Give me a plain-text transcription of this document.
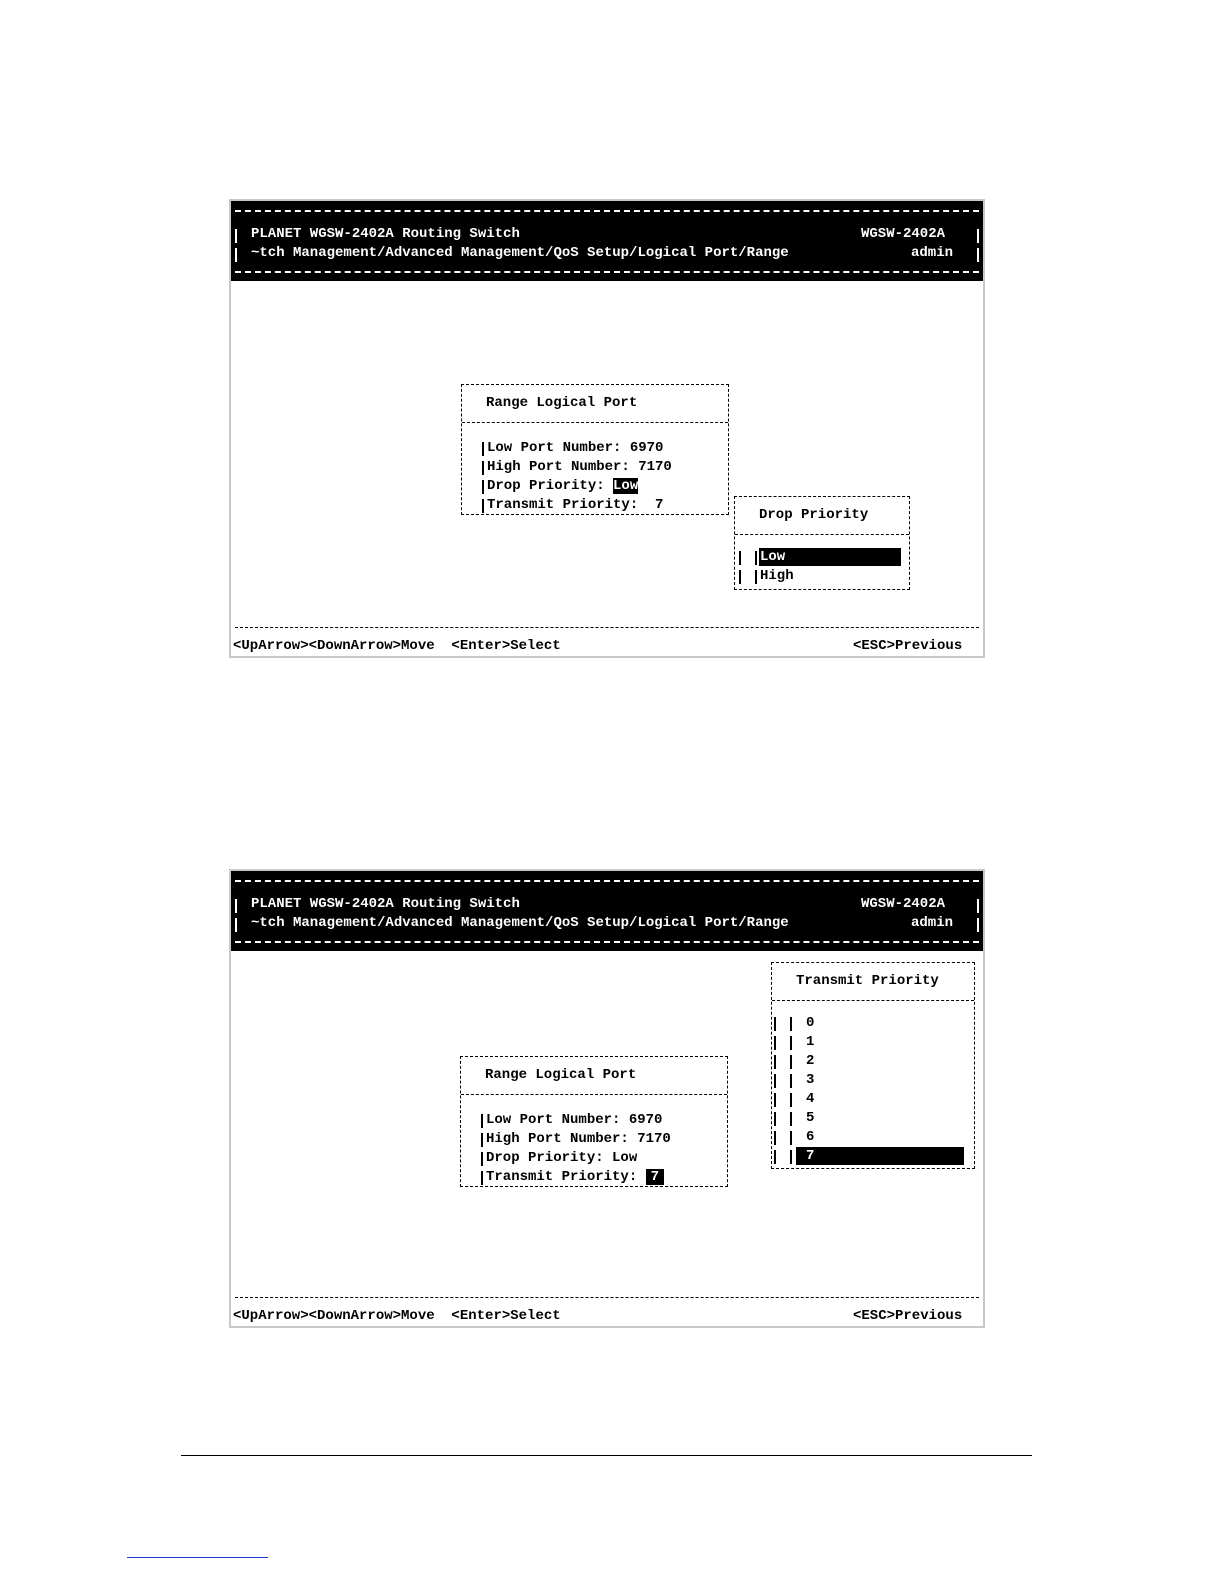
PLANET WGSW-2402A Routing Switch	WGSW-2402A
~tch Management/Advanced Management/QoS Setup/Logical Port/Range	admin
Range Logical Port
Low Port Number: 6970
High Port Number: 7170
Drop Priority: Low
Transmit Priority:  7
Drop Priority
Low
High
<UpArrow><DownArrow>Move  <Enter>Select	<ESC>Previous
PLANET WGSW-2402A Routing Switch	WGSW-2402A
~tch Management/Advanced Management/QoS Setup/Logical Port/Range	admin
Range Logical Port
Low Port Number: 6970
High Port Number: 7170
Drop Priority: Low
Transmit Priority: 7
Transmit Priority
0
1
2
3
4
5
6
7
<UpArrow><DownArrow>Move  <Enter>Select	<ESC>Previous
